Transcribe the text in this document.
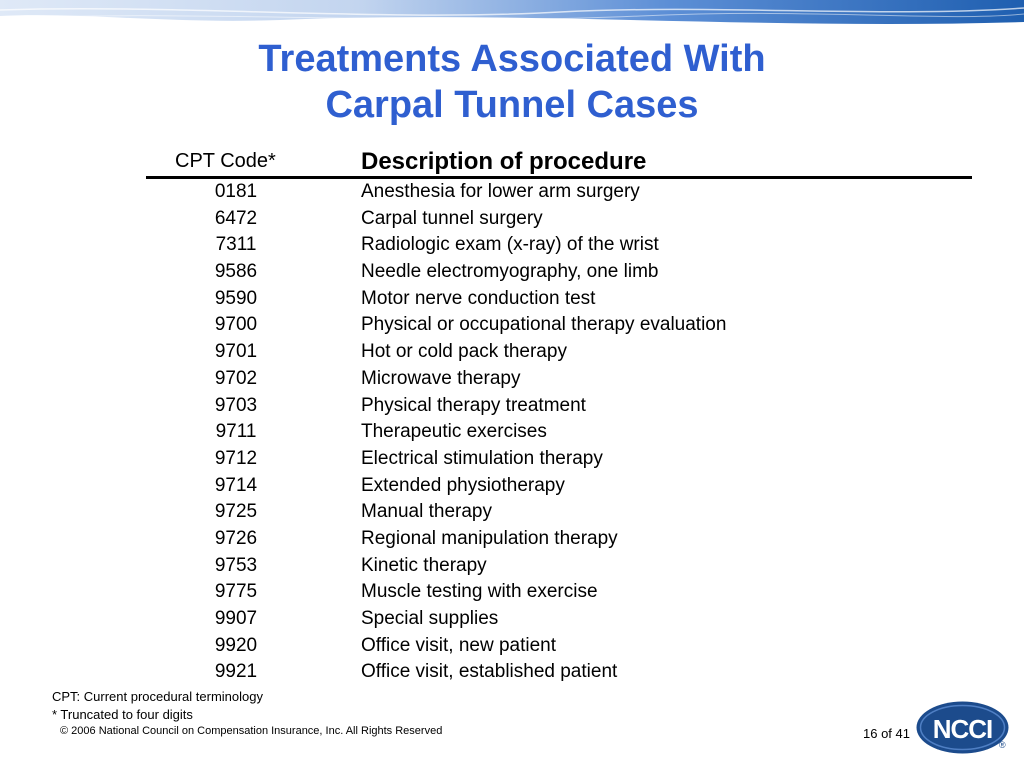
Treatments Associated With
Carpal Tunnel Cases
CPT Code*	Description of procedure
0181	Anesthesia for lower arm surgery
6472	Carpal tunnel surgery
7311	Radiologic exam (x-ray) of the wrist
9586	Needle electromyography, one limb
9590	Motor nerve conduction test
9700	Physical or occupational therapy evaluation
9701	Hot or cold pack therapy
9702	Microwave therapy
9703	Physical therapy treatment
9711	Therapeutic exercises
9712	Electrical stimulation therapy
9714	Extended physiotherapy
9725	Manual therapy
9726	Regional manipulation therapy
9753	Kinetic therapy
9775	Muscle testing with exercise
9907	Special supplies
9920	Office visit, new patient
9921	Office visit, established patient
CPT: Current procedural terminology
* Truncated to four digits
© 2006 National Council on Compensation Insurance, Inc. All Rights Reserved	16 of 41 NCCI
®
